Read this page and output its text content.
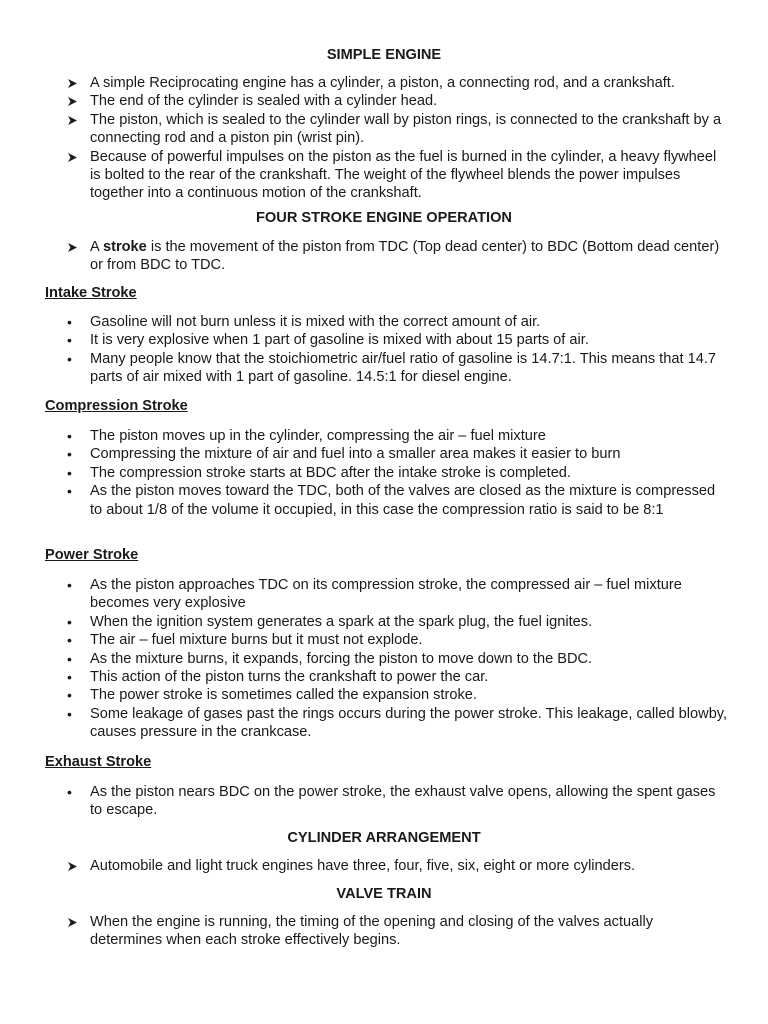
SIMPLE ENGINE
A simple Reciprocating engine has a cylinder, a piston, a connecting rod, and a crankshaft.
The end of the cylinder is sealed with a cylinder head.
The piston, which is sealed to the cylinder wall by piston rings, is connected to the crankshaft by a connecting rod and a piston pin (wrist pin).
Because of powerful impulses on the piston as the fuel is burned in the cylinder, a heavy flywheel is bolted to the rear of the crankshaft. The weight of the flywheel blends the power impulses together into a continuous motion of the crankshaft.
FOUR STROKE ENGINE OPERATION
A stroke is the movement of the piston from TDC (Top dead center) to BDC (Bottom dead center) or from BDC to TDC.
Intake Stroke
• Gasoline will not burn unless it is mixed with the correct amount of air.
• It is very explosive when 1 part of gasoline is mixed with about 15 parts of air.
• Many people know that the stoichiometric air/fuel ratio of gasoline is 14.7:1. This means that 14.7 parts of air mixed with 1 part of gasoline. 14.5:1 for diesel engine.
Compression Stroke
• The piston moves up in the cylinder, compressing the air – fuel mixture
• Compressing the mixture of air and fuel into a smaller area makes it easier to burn
• The compression stroke starts at BDC after the intake stroke is completed.
• As the piston moves toward the TDC, both of the valves are closed as the mixture is compressed to about 1/8 of the volume it occupied, in this case the compression ratio is said to be 8:1
Power Stroke
• As the piston approaches TDC on its compression stroke, the compressed air – fuel mixture becomes very explosive
• When the ignition system generates a spark at the spark plug, the fuel ignites.
• The air – fuel mixture burns but it must not explode.
• As the mixture burns, it expands, forcing the piston to move down to the BDC.
• This action of the piston turns the crankshaft to power the car.
• The power stroke is sometimes called the expansion stroke.
• Some leakage of gases past the rings occurs during the power stroke. This leakage, called blowby, causes pressure in the crankcase.
Exhaust Stroke
• As the piston nears BDC on the power stroke, the exhaust valve opens, allowing the spent gases to escape.
CYLINDER ARRANGEMENT
Automobile and light truck engines have three, four, five, six, eight or more cylinders.
VALVE TRAIN
When the engine is running, the timing of the opening and closing of the valves actually determines when each stroke effectively begins.
